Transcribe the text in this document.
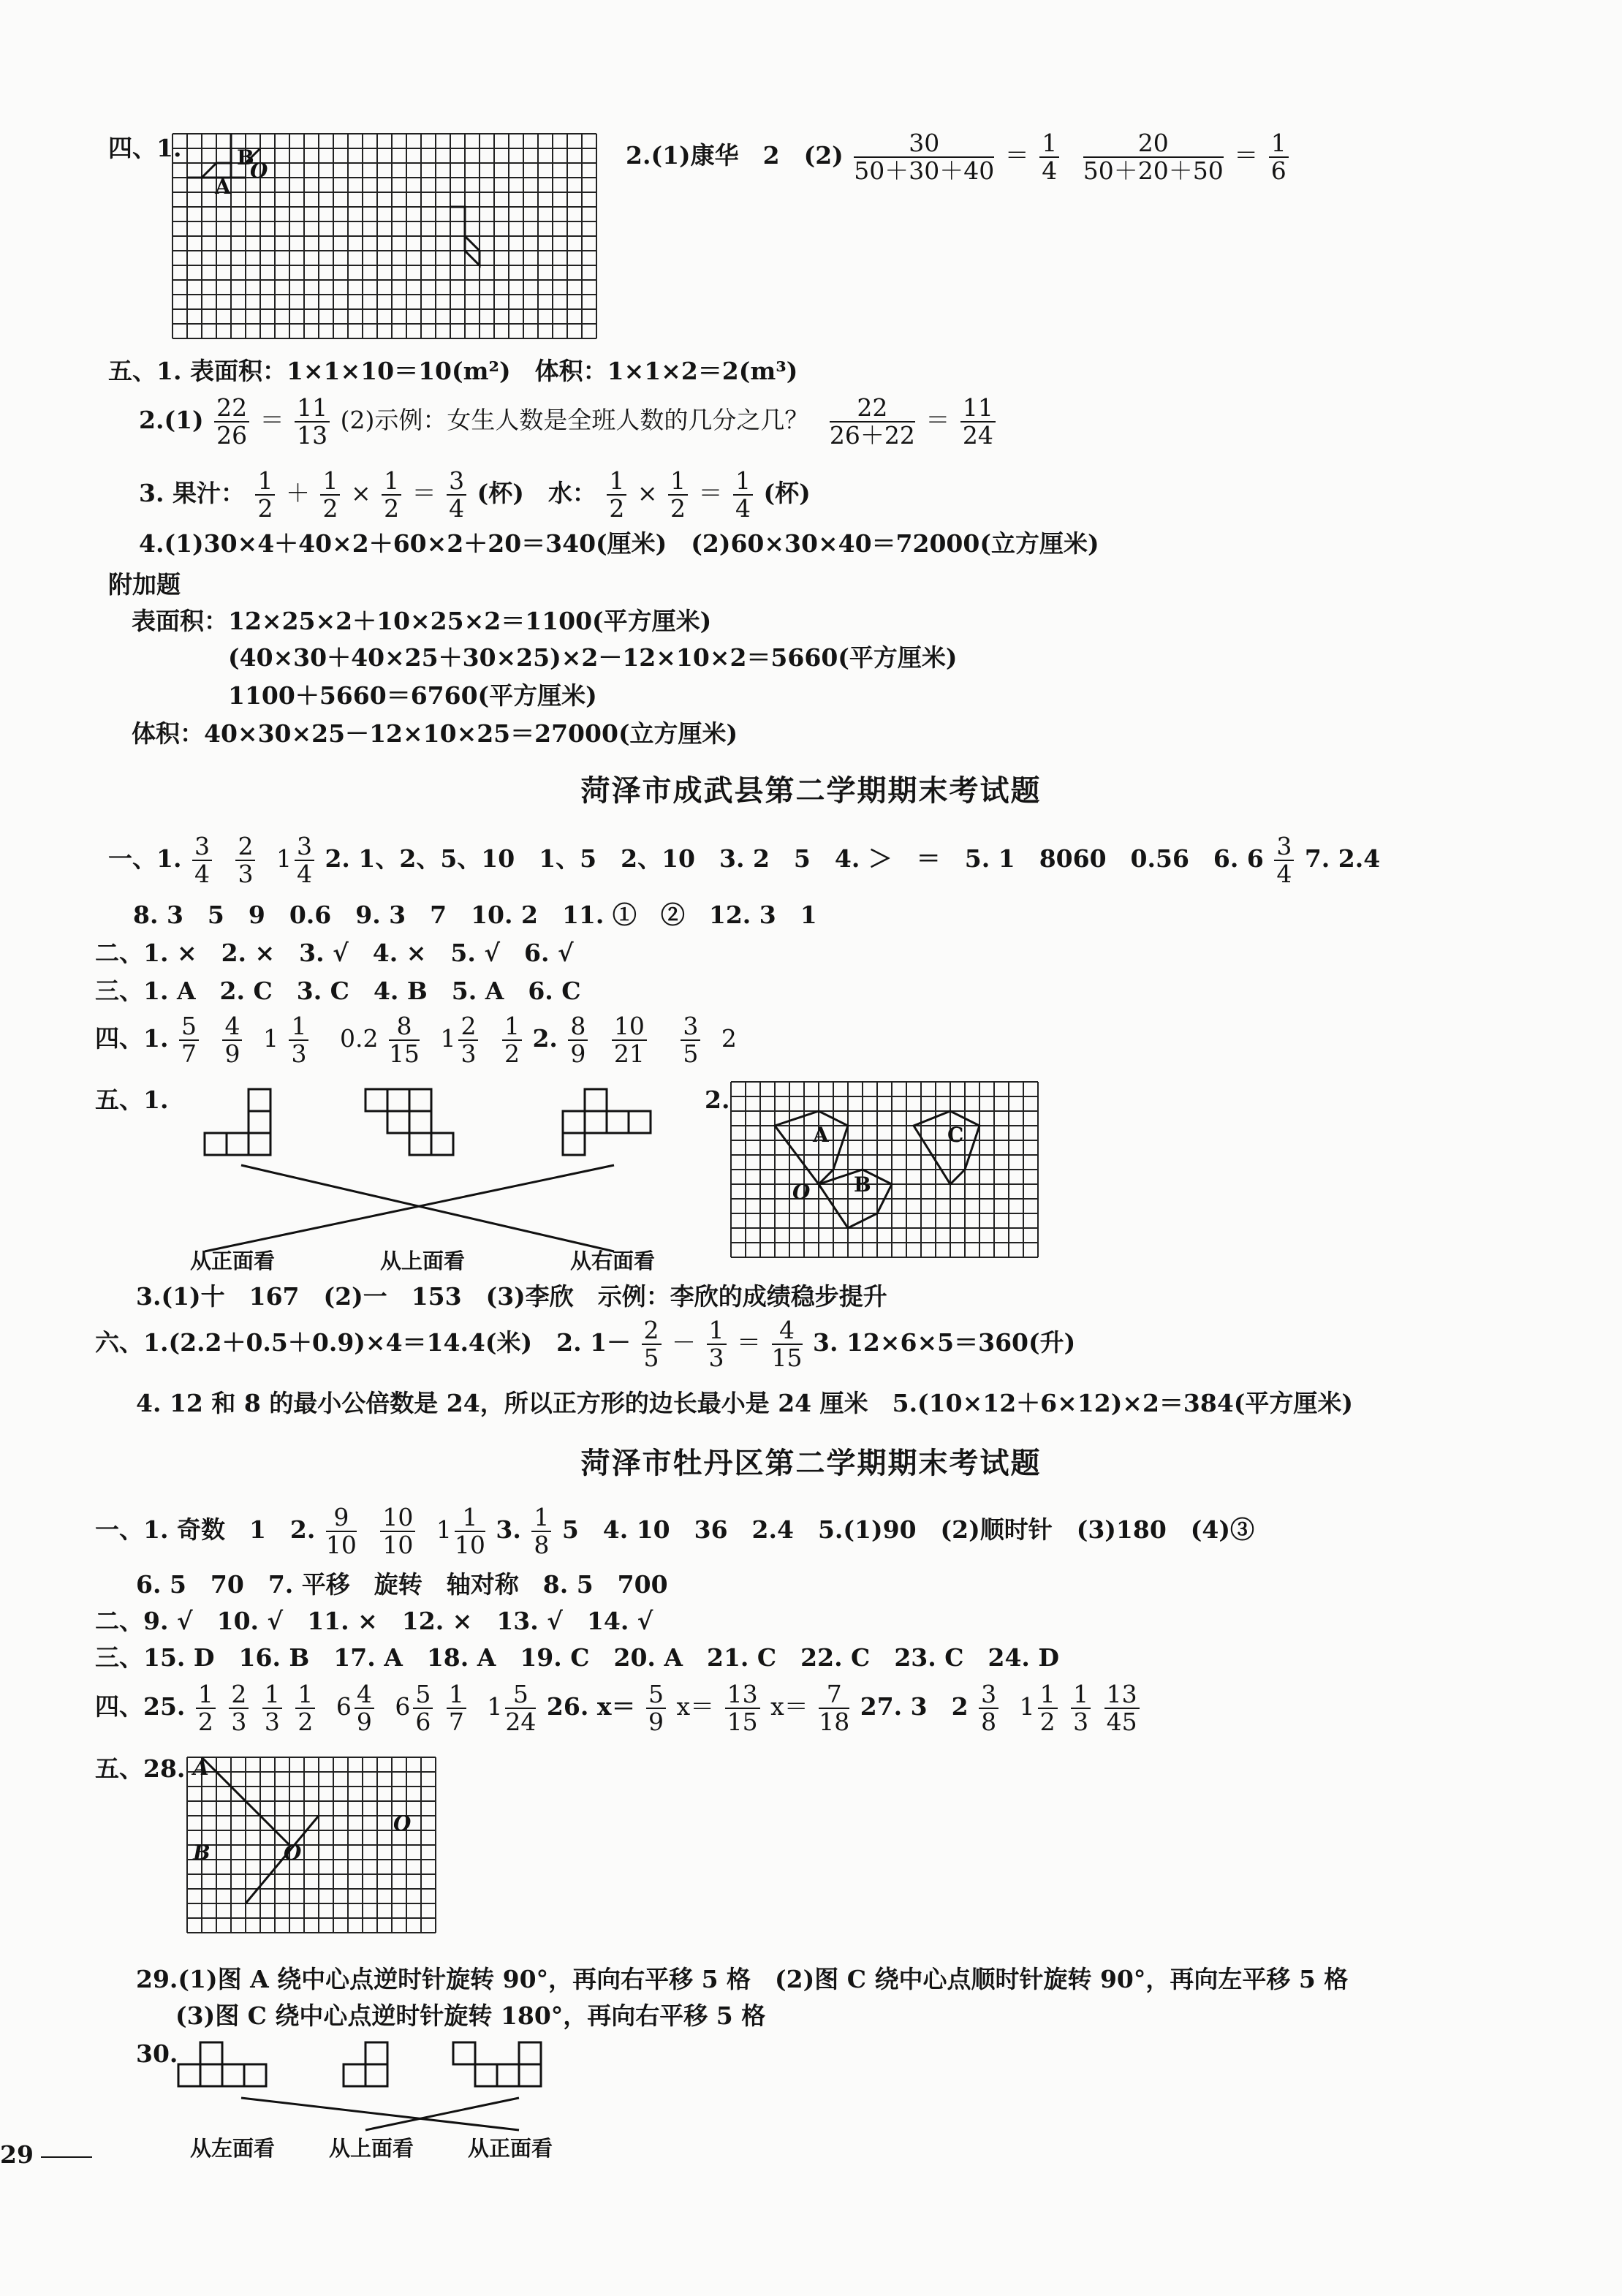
四、1.	B
O
A
2.(1)康华　2　$(2) \frac{30}{50+30+40} = \frac{1}{4}$
$\frac{20}{50+20+50} = \frac{1}{6}$
五、1. 表面积：1×1×10＝10(m²)　体积：1×1×2＝2(m³)
$2.(1) \frac{22}{26} = \frac{11}{13} (2)$示例：女生人数是全班人数的几分之几？ $\frac{22}{26+22} = \frac{11}{24}$
3. 果汁： $\frac{1}{2} + \frac{1}{2} \times \frac{1}{2} = \frac{3}{4}$ (杯)　水： $\frac{1}{2} \times \frac{1}{2} = \frac{1}{4}$ (杯)
4.(1)30×4＋40×2＋60×2＋20＝340(厘米)　(2)60×30×40＝72000(立方厘米)
附加题
表面积：12×25×2＋10×25×2＝1100(平方厘米)
(40×30＋40×25＋30×25)×2－12×10×2＝5660(平方厘米)
1100＋5660＝6760(平方厘米)
体积：40×30×25－12×10×25＝27000(立方厘米)
菏泽市成武县第二学期期末考试题
一、1. $\frac{3}{4}$
$\frac{2}{3} 1 \frac{3}{4} 2$. 1、2、5、10　1、5　2、10　3. 2　5　4. ＞　＝　5. 1　8060　0.56　6. $6 \frac{3}{4} 7$. 2.4
8. 3　5　9　0.6　9. 3　7　10. 2　11. ①　②　12. 3　1
二、1. ×　2. ×　3. √　4. ×　5. √　6. √
三、1. A　2. C　3. C　4. B　5. A　6. C
四、1. $\frac{5}{7}$
$\frac{4}{9} 1 \frac{1}{3} 0.2 \frac{8}{15} 1 \frac{2}{3}$
$\frac{1}{2} 2$. $\frac{8}{9}$
$\frac{10}{21}$
$\frac{3}{5} 2$
五、1.
从正面看	从上面看	从右面看
2.
A
B
C
O
3.(1)十　167　(2)一　153　(3)李欣　示例：李欣的成绩稳步提升
六、1.(2.2＋0.5＋0.9)×4＝14.4(米)　2. $1- \frac{2}{5} - \frac{1}{3} = \frac{4}{15} 3$. 12×6×5＝360(升)
4. 12 和 8 的最小公倍数是 24，所以正方形的边长最小是 24 厘米　5.(10×12＋6×12)×2＝384(平方厘米)
菏泽市牡丹区第二学期期末考试题
一、1. 奇数　1　2. $\frac{9}{10}$
$\frac{10}{10} 1 \frac{1}{10} 3$. $\frac{1}{8} 5$　4. 10　36　2.4　5.(1)90　(2)顺时针　(3)180　(4)③
6. 5　70　7. 平移　旋转　轴对称　8. 5　700
二、9. √　10. √　11. ×　12. ×　13. √　14. √
三、15. D　16. B　17. A　18. A　19. C　20. A　21. C　22. C　23. C　24. D
四、25. $\frac{1}{2}$
$\frac{2}{3}$
$\frac{1}{3}$
$\frac{1}{2} 6 \frac{4}{9} 6 \frac{5}{6}$
$\frac{1}{7} 1 \frac{5}{24} 26$. $x= \frac{5}{9} x= \frac{13}{15} x= \frac{7}{18} 27$. 3　$2 \frac{3}{8} 1 \frac{1}{2}$
$\frac{1}{3}$
$\frac{13}{45}$
五、28. A
B	O
O
29.(1)图 A 绕中心点逆时针旋转 90°，再向右平移 5 格　(2)图 C 绕中心点顺时针旋转 90°，再向左平移 5 格
(3)图 C 绕中心点逆时针旋转 180°，再向右平移 5 格
30.
从左面看	从上面看	从正面看
29
